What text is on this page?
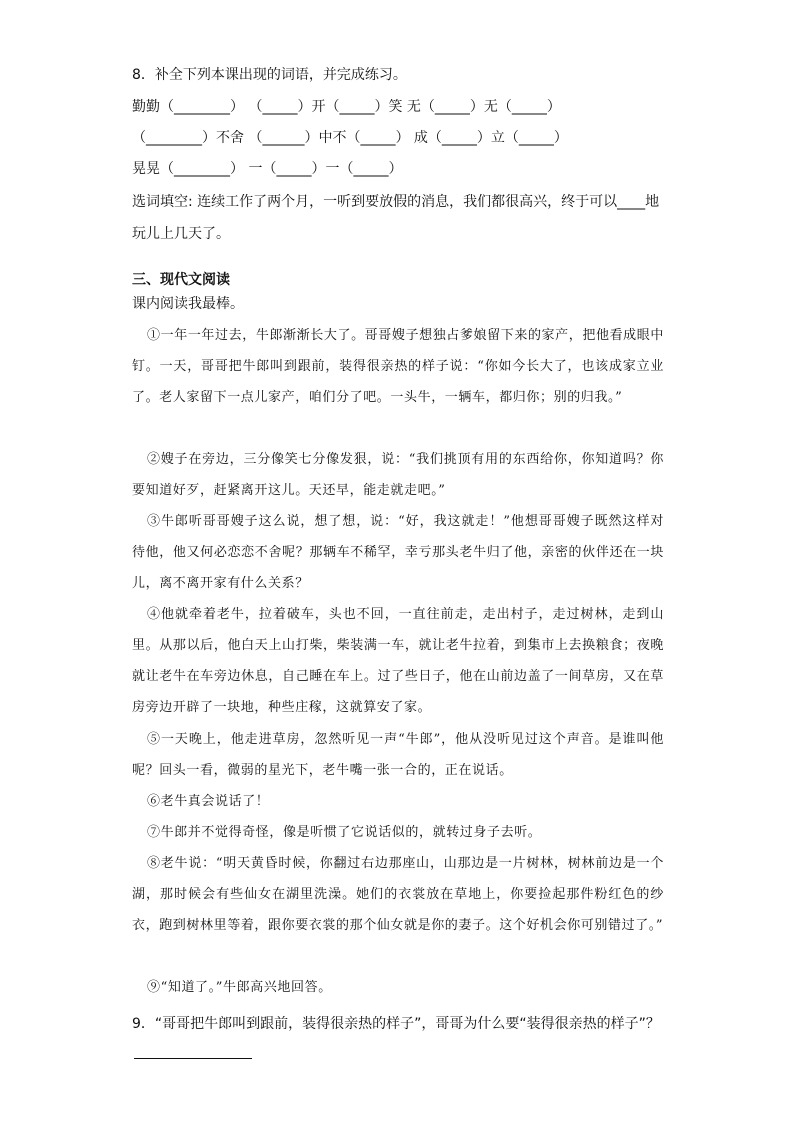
8．补全下列本课出现的词语，并完成练习。
勤勤（________） （_____）开（_____）笑 无（_____）无（_____）
（________）不舍 （______）中不（_____） 成（_____）立（_____）
晃晃（________） 一（_____）一（_____）
选词填空: 连续工作了两个月，一听到要放假的消息，我们都很高兴，终于可以____地
玩儿上几天了。
三、现代文阅读
课内阅读我最棒。

①一年一年过去，牛郎渐渐长大了。哥哥嫂子想独占爹娘留下来的家产，把他看成眼中钉。一天，哥哥把牛郎叫到跟前，装得很亲热的样子说：“你如今长大了，也该成家立业了。老人家留下一点儿家产，咱们分了吧。一头牛，一辆车，都归你；别的归我。”

②嫂子在旁边，三分像笑七分像发狠，说：“我们挑顶有用的东西给你，你知道吗？你要知道好歹，赶紧离开这儿。天还早，能走就走吧。”

③牛郎听哥哥嫂子这么说，想了想，说：“好，我这就走！”他想哥哥嫂子既然这样对待他，他又何必恋恋不舍呢？那辆车不稀罕，幸亏那头老牛归了他，亲密的伙伴还在一块儿，离不离开家有什么关系？

④他就牵着老牛，拉着破车，头也不回，一直往前走，走出村子，走过树林，走到山里。从那以后，他白天上山打柴，柴装满一车，就让老牛拉着，到集市上去换粮食；夜晚就让老牛在车旁边休息，自己睡在车上。过了些日子，他在山前边盖了一间草房，又在草房旁边开辟了一块地，种些庄稼，这就算安了家。

⑤一天晚上，他走进草房，忽然听见一声“牛郎”，他从没听见过这个声音。是谁叫他呢？回头一看，微弱的星光下，老牛嘴一张一合的，正在说话。

⑥老牛真会说话了！

⑦牛郎并不觉得奇怪，像是听惯了它说话似的，就转过身子去听。

⑧老牛说：“明天黄昏时候，你翻过右边那座山，山那边是一片树林，树林前边是一个湖，那时候会有些仙女在湖里洗澡。她们的衣裳放在草地上，你要捡起那件粉红色的纱衣，跑到树林里等着，跟你要衣裳的那个仙女就是你的妻子。这个好机会你可别错过了。”

⑨“知道了。”牛郎高兴地回答。

9．“哥哥把牛郎叫到跟前，装得很亲热的样子”，哥哥为什么要“装得很亲热的样子”？
